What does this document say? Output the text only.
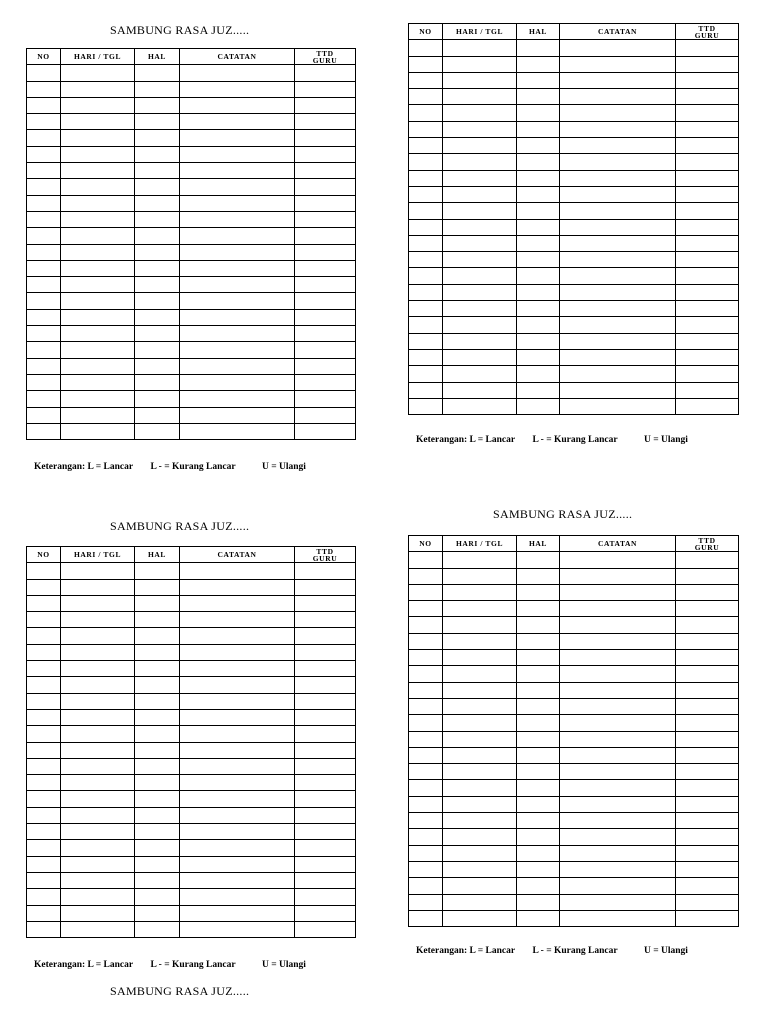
SAMBUNG RASA JUZ.....
NO	HARI / TGL	HAL	CATATAN	TTD
GURU

Keterangan: L = Lancar L - = Kurang Lancar	U = Ulangi
NO	HARI / TGL	HAL	CATATAN	TTD
GURU

Keterangan: L = Lancar L - = Kurang Lancar	U = Ulangi
SAMBUNG RASA JUZ.....
NO	HARI / TGL	HAL	CATATAN	TTD
GURU

Keterangan: L = Lancar L - = Kurang Lancar	U = Ulangi
SAMBUNG RASA JUZ.....
SAMBUNG RASA JUZ.....
NO	HARI / TGL	HAL	CATATAN	TTD
GURU

Keterangan: L = Lancar L - = Kurang Lancar	U = Ulangi
